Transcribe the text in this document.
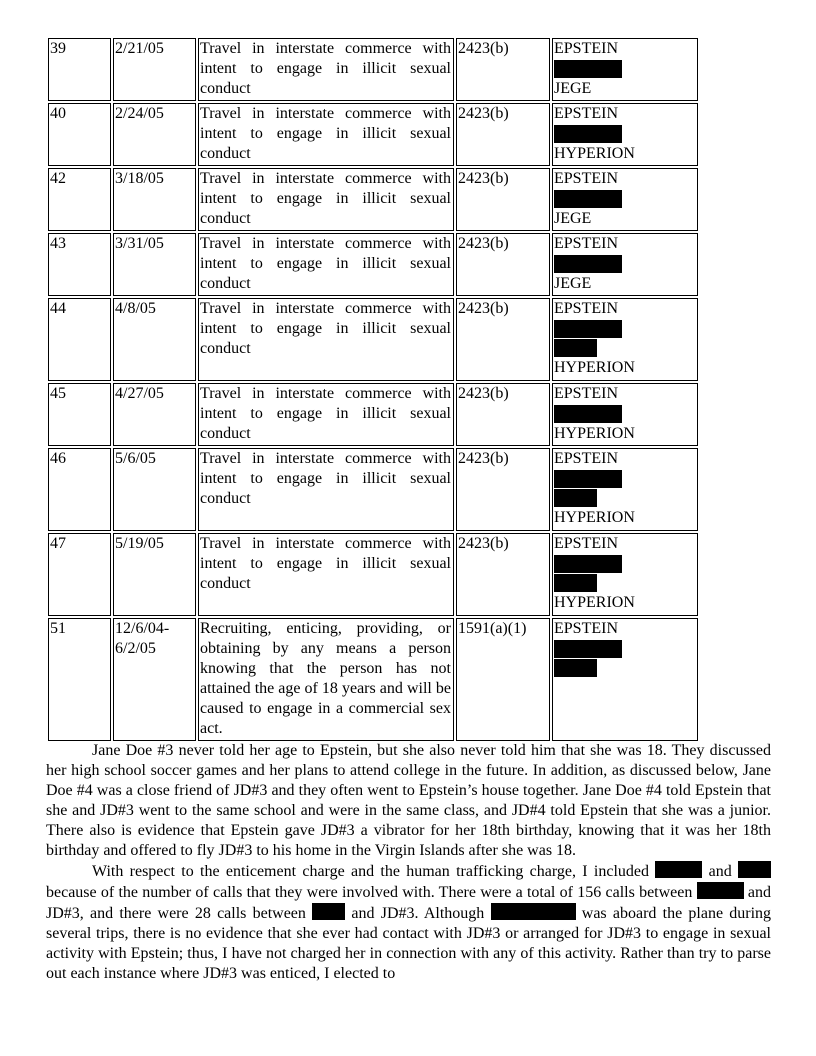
39	2/21/05	Travel in interstate commerce with intent to engage in illicit sexual conduct	2423(b)	EPSTEIN
JEGE

40	2/24/05	Travel in interstate commerce with intent to engage in illicit sexual conduct	2423(b)	EPSTEIN
HYPERION

42	3/18/05	Travel in interstate commerce with intent to engage in illicit sexual conduct	2423(b)	EPSTEIN
JEGE

43	3/31/05	Travel in interstate commerce with intent to engage in illicit sexual conduct	2423(b)	EPSTEIN
JEGE

44	4/8/05	Travel in interstate commerce with intent to engage in illicit sexual conduct	2423(b)	EPSTEIN
HYPERION

45	4/27/05	Travel in interstate commerce with intent to engage in illicit sexual conduct	2423(b)	EPSTEIN
HYPERION

46	5/6/05	Travel in interstate commerce with intent to engage in illicit sexual conduct	2423(b)	EPSTEIN
HYPERION

47	5/19/05	Travel in interstate commerce with intent to engage in illicit sexual conduct	2423(b)	EPSTEIN
HYPERION

51	12/6/04-6/2/05	Recruiting, enticing, providing, or obtaining by any means a person knowing that the person has not attained the age of 18 years and will be caused to engage in a commercial sex act.	1591(a)(1)	EPSTEIN

Jane Doe #3 never told her age to Epstein, but she also never told him that she was 18. They discussed her high school soccer games and her plans to attend college in the future. In addition, as discussed below, Jane Doe #4 was a close friend of JD#3 and they often went to Epstein’s house together. Jane Doe #4 told Epstein that she and JD#3 went to the same school and were in the same class, and JD#4 told Epstein that she was a junior. There also is evidence that Epstein gave JD#3 a vibrator for her 18th birthday, knowing that it was her 18th birthday and offered to fly JD#3 to his home in the Virgin Islands after she was 18.

With respect to the enticement charge and the human trafficking charge, I included	and  because of the number of calls that they were involved with. There were a total of 156 calls between	and JD#3, and there were 28 calls between	and JD#3. Although	was aboard the plane during several trips, there is no evidence that she ever had contact with JD#3 or arranged for JD#3 to engage in sexual activity with Epstein; thus, I have not charged her in connection with any of this activity. Rather than try to parse out each instance where JD#3 was enticed, I elected to
